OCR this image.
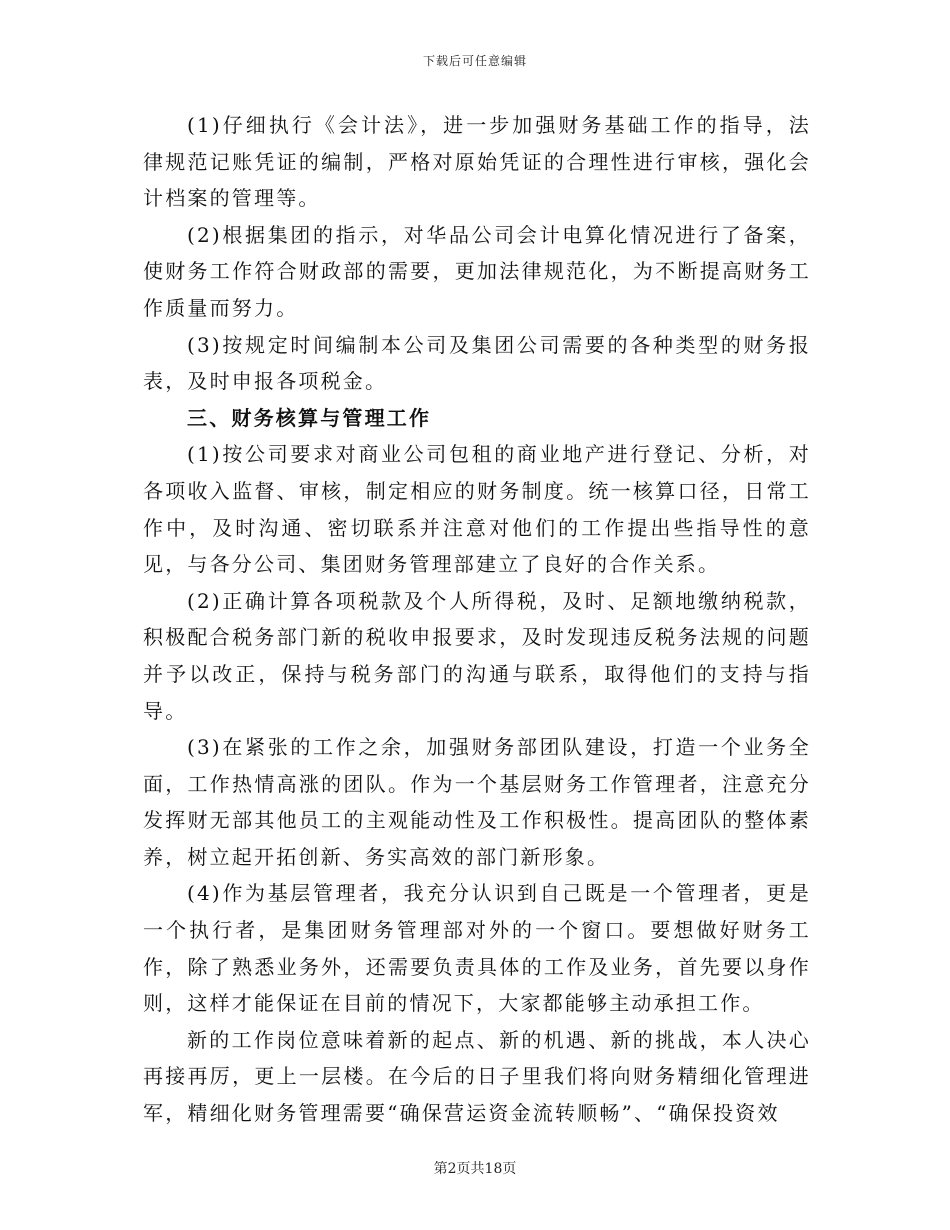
下载后可任意编辑

(1)仔细执行《会计法》，进一步加强财务基础工作的指导，法律规范记账凭证的编制，严格对原始凭证的合理性进行审核，强化会计档案的管理等。

(2)根据集团的指示，对华品公司会计电算化情况进行了备案，使财务工作符合财政部的需要，更加法律规范化，为不断提高财务工作质量而努力。

(3)按规定时间编制本公司及集团公司需要的各种类型的财务报表，及时申报各项税金。

三、财务核算与管理工作

(1)按公司要求对商业公司包租的商业地产进行登记、分析，对各项收入监督、审核，制定相应的财务制度。统一核算口径，日常工作中，及时沟通、密切联系并注意对他们的工作提出些指导性的意见，与各分公司、集团财务管理部建立了良好的合作关系。

(2)正确计算各项税款及个人所得税，及时、足额地缴纳税款，积极配合税务部门新的税收申报要求，及时发现违反税务法规的问题并予以改正，保持与税务部门的沟通与联系，取得他们的支持与指导。

(3)在紧张的工作之余，加强财务部团队建设，打造一个业务全面，工作热情高涨的团队。作为一个基层财务工作管理者，注意充分发挥财无部其他员工的主观能动性及工作积极性。提高团队的整体素养，树立起开拓创新、务实高效的部门新形象。

(4)作为基层管理者，我充分认识到自己既是一个管理者，更是一个执行者，是集团财务管理部对外的一个窗口。要想做好财务工作，除了熟悉业务外，还需要负责具体的工作及业务，首先要以身作则，这样才能保证在目前的情况下，大家都能够主动承担工作。

新的工作岗位意味着新的起点、新的机遇、新的挑战，本人决心再接再厉，更上一层楼。在今后的日子里我们将向财务精细化管理进军，精细化财务管理需要“确保营运资金流转顺畅”、“确保投资效

第2页共18页
